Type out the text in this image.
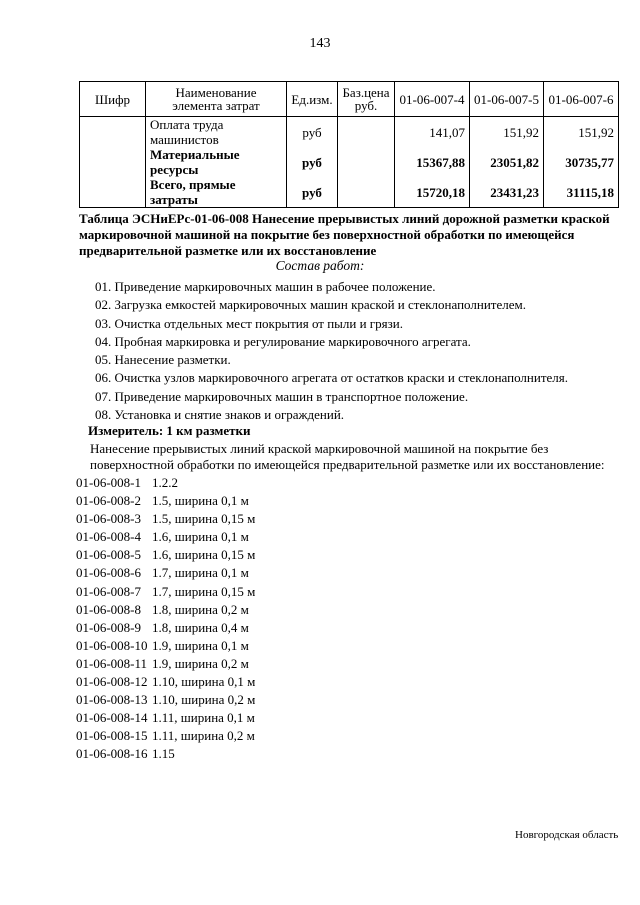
143
Шифр	Наименование элемента затрат	Ед.изм.	Баз.цена руб.	01-06-007-4	01-06-007-5	01-06-007-6
	Оплата труда машинистов	руб		141,07	151,92	151,92
	Материальные ресурсы	руб		15367,88	23051,82	30735,77
	Всего, прямые затраты	руб		15720,18	23431,23	31115,18

Таблица ЭСНиЕРс-01-06-008 Нанесение прерывистых линий дорожной разметки краской маркировочной машиной на покрытие без поверхностной обработки по имеющейся предварительной разметке или их восстановление

Состав работ:
01. Приведение маркировочных машин в рабочее положение.
02. Загрузка емкостей маркировочных машин краской и стеклонаполнителем.
03. Очистка отдельных мест покрытия от пыли и грязи.
04. Пробная маркировка и регулирование маркировочного агрегата.
05. Нанесение разметки.
06. Очистка узлов маркировочного агрегата от остатков краски и стеклонаполнителя.
07. Приведение маркировочных машин в транспортное положение.
08. Установка и снятие знаков и ограждений.
Измеритель: 1 км разметки

Нанесение прерывистых линий краской маркировочной машиной на покрытие без поверхностной обработки по имеющейся предварительной разметке или их восстановление:

01-06-008-1 1.2.2
01-06-008-2 1.5, ширина 0,1 м
01-06-008-3 1.5, ширина 0,15 м
01-06-008-4 1.6, ширина 0,1 м
01-06-008-5 1.6, ширина 0,15 м
01-06-008-6 1.7, ширина 0,1 м
01-06-008-7 1.7, ширина 0,15 м
01-06-008-8 1.8, ширина 0,2 м
01-06-008-9 1.8, ширина 0,4 м
01-06-008-10 1.9, ширина 0,1 м
01-06-008-11 1.9, ширина 0,2 м
01-06-008-12 1.10, ширина 0,1 м
01-06-008-13 1.10, ширина 0,2 м
01-06-008-14 1.11, ширина 0,1 м
01-06-008-15 1.11, ширина 0,2 м
01-06-008-16 1.15
Новгородская область
